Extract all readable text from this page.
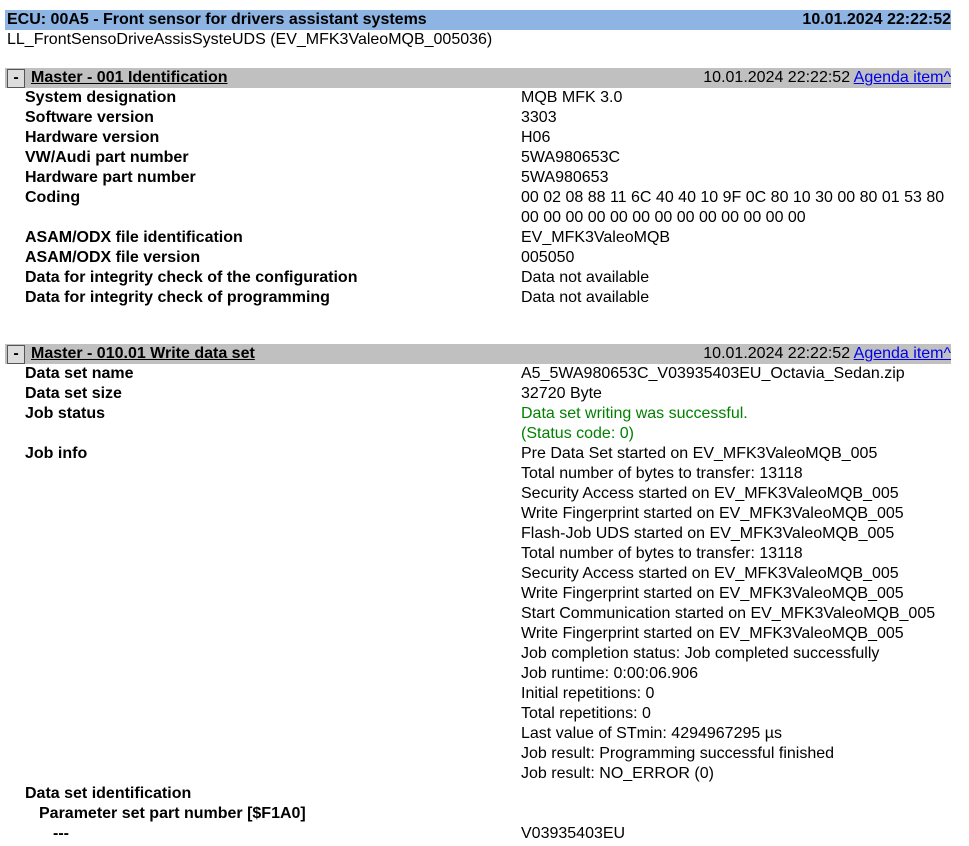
ECU: 00A5 - Front sensor for drivers assistant systems	10.01.2024 22:22:52
LL_FrontSensoDriveAssisSysteUDS (EV_MFK3ValeoMQB_005036)
- Master - 001 Identification	10.01.2024 22:22:52 Agenda item^
System designation	MQB MFK 3.0
Software version	3303
Hardware version	H06
VW/Audi part number	5WA980653C
Hardware part number	5WA980653
Coding	00 02 08 88 11 6C 40 40 10 9F 0C 80 10 30 00 80 01 53 80
00 00 00 00 00 00 00 00 00 00 00 00 00
ASAM/ODX file identification	EV_MFK3ValeoMQB
ASAM/ODX file version	005050
Data for integrity check of the configuration	Data not available
Data for integrity check of programming	Data not available
- Master - 010.01 Write data set	10.01.2024 22:22:52 Agenda item^
Data set name	A5_5WA980653C_V03935403EU_Octavia_Sedan.zip
Data set size	32720 Byte
Job status	Data set writing was successful.
(Status code: 0)
Job info	Pre Data Set started on EV_MFK3ValeoMQB_005
Total number of bytes to transfer: 13118
Security Access started on EV_MFK3ValeoMQB_005
Write Fingerprint started on EV_MFK3ValeoMQB_005
Flash-Job UDS started on EV_MFK3ValeoMQB_005
Total number of bytes to transfer: 13118
Security Access started on EV_MFK3ValeoMQB_005
Write Fingerprint started on EV_MFK3ValeoMQB_005
Start Communication started on EV_MFK3ValeoMQB_005
Write Fingerprint started on EV_MFK3ValeoMQB_005
Job completion status: Job completed successfully
Job runtime: 0:00:06.906
Initial repetitions: 0
Total repetitions: 0
Last value of STmin: 4294967295 µs
Job result: Programming successful finished
Job result: NO_ERROR (0)
Data set identification
Parameter set part number [$F1A0]
---	V03935403EU
